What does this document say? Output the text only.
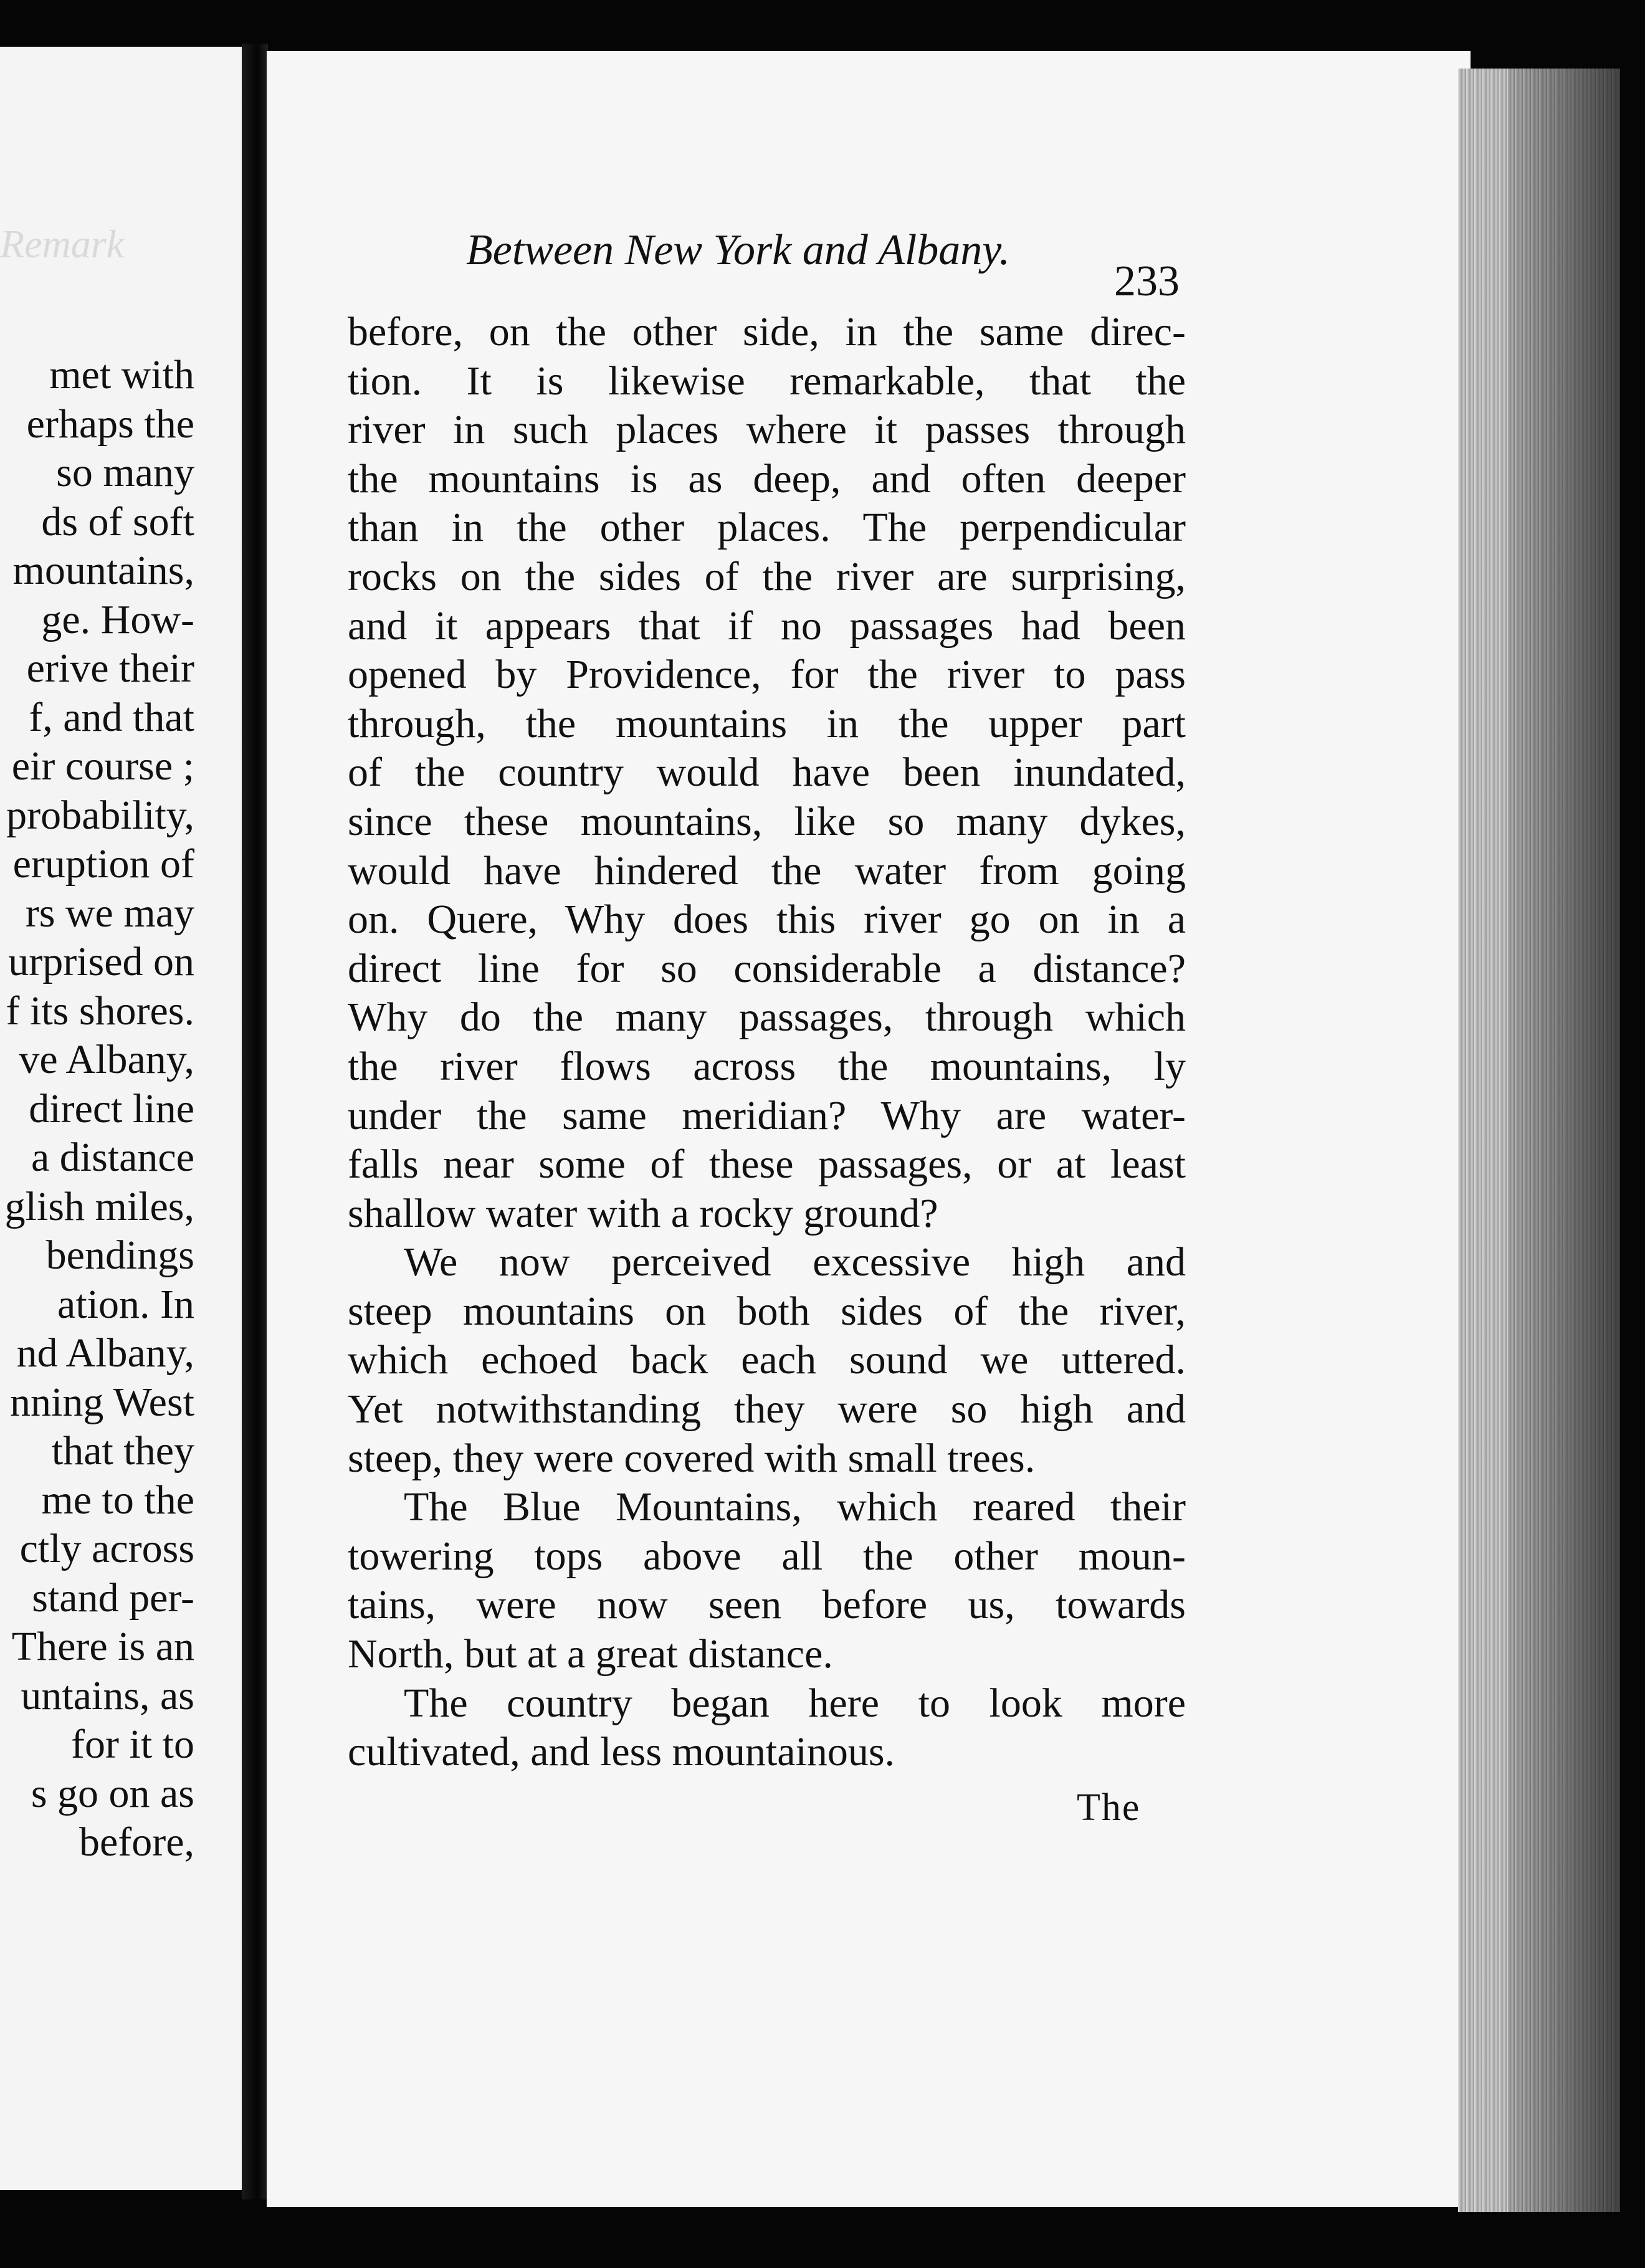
Remark
met with
erhaps the
so many
ds of soft
mountains,
ge. How-
erive their
f, and that
eir course ;
probability,
eruption of
rs we may
urprised on
f its shores.
ve Albany,
direct line
a distance
glish miles,
bendings
ation. In
nd Albany,
nning West
that they
me to the
ctly across
stand per-
There is an
untains, as
for it to
s go on as
before,
Between New York and Albany.
233
before, on the other side, in the same direc-
tion. It is likewise remarkable, that the
river in such places where it passes through
the mountains is as deep, and often deeper
than in the other places. The perpendicular
rocks on the sides of the river are surprising,
and it appears that if no passages had been
opened by Providence, for the river to pass
through, the mountains in the upper part
of the country would have been inundated,
since these mountains, like so many dykes,
would have hindered the water from going
on. Quere, Why does this river go on in a
direct line for so considerable a distance?
Why do the many passages, through which
the river flows across the mountains, ly
under the same meridian? Why are water-
falls near some of these passages, or at least
shallow water with a rocky ground?
We now perceived excessive high and
steep mountains on both sides of the river,
which echoed back each sound we uttered.
Yet notwithstanding they were so high and
steep, they were covered with small trees.
The Blue Mountains, which reared their
towering tops above all the other moun-
tains, were now seen before us, towards
North, but at a great distance.
The country began here to look more
cultivated, and less mountainous.
The
